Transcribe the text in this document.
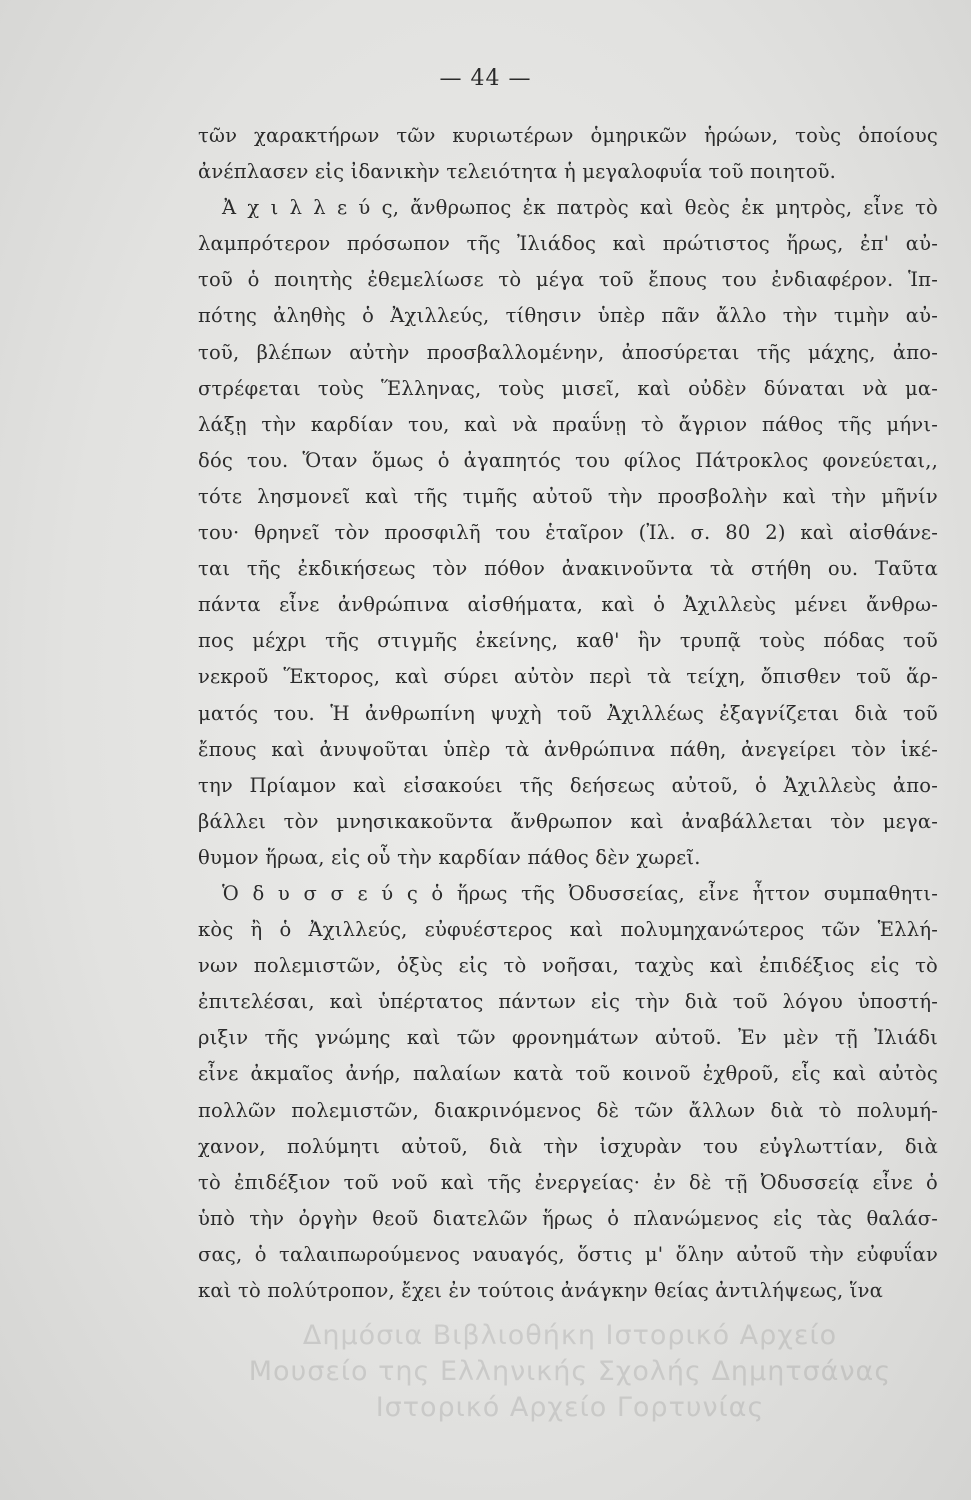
— 44 —
τῶν χαρακτήρων τῶν κυριωτέρων ὁμηρικῶν ἡρώων, τοὺς ὁποίους
ἀνέπλασεν εἰς ἰδανικὴν τελειότητα ἡ μεγαλοφυΐα τοῦ ποιητοῦ.
Ἀ χ ι λ λ ε ύ ς, ἄνθρωπος ἐκ πατρὸς καὶ θεὸς ἐκ μητρὸς, εἶνε τὸ
λαμπρότερον πρόσωπον τῆς Ἰλιάδος καὶ πρώτιστος ἥρως, ἐπ' αὐ-
τοῦ ὁ ποιητὴς ἐθεμελίωσε τὸ μέγα τοῦ ἔπους του ἐνδιαφέρον. Ἱπ-
πότης ἀληθὴς ὁ Ἀχιλλεύς, τίθησιν ὑπὲρ πᾶν ἄλλο τὴν τιμὴν αὐ-
τοῦ, βλέπων αὐτὴν προσβαλλομένην, ἀποσύρεται τῆς μάχης, ἀπο-
στρέφεται τοὺς Ἕλληνας, τοὺς μισεῖ, καὶ οὐδὲν δύναται νὰ μα-
λάξῃ τὴν καρδίαν του, καὶ νὰ πραΰνῃ τὸ ἄγριον πάθος τῆς μήνι-
δός του. Ὅταν ὅμως ὁ ἀγαπητός του φίλος Πάτροκλος φονεύεται,,
τότε λησμονεῖ καὶ τῆς τιμῆς αὐτοῦ τὴν προσβολὴν καὶ τὴν μῆνίν
του· θρηνεῖ τὸν προσφιλῆ του ἑταῖρον (Ἰλ. σ. 80 2) καὶ αἰσθάνε-
ται τῆς ἐκδικήσεως τὸν πόθον ἀνακινοῦντα τὰ στήθη ου. Ταῦτα
πάντα εἶνε ἀνθρώπινα αἰσθήματα, καὶ ὁ Ἀχιλλεὺς μένει ἄνθρω-
πος μέχρι τῆς στιγμῆς ἐκείνης, καθ' ἣν τρυπᾷ τοὺς πόδας τοῦ
νεκροῦ Ἕκτορος, καὶ σύρει αὐτὸν περὶ τὰ τείχη, ὄπισθεν τοῦ ἅρ-
ματός του. Ἡ ἀνθρωπίνη ψυχὴ τοῦ Ἀχιλλέως ἐξαγνίζεται διὰ τοῦ
ἔπους καὶ ἀνυψοῦται ὑπὲρ τὰ ἀνθρώπινα πάθη, ἀνεγείρει τὸν ἱκέ-
την Πρίαμον καὶ εἰσακούει τῆς δεήσεως αὐτοῦ, ὁ Ἀχιλλεὺς ἀπο-
βάλλει τὸν μνησικακοῦντα ἄνθρωπον καὶ ἀναβάλλεται τὸν μεγα-
θυμον ἥρωα, εἰς οὗ τὴν καρδίαν πάθος δὲν χωρεῖ.
Ὁ δ υ σ σ ε ύ ς ὁ ἥρως τῆς Ὀδυσσείας, εἶνε ἧττον συμπαθητι-
κὸς ἢ ὁ Ἀχιλλεύς, εὐφυέστερος καὶ πολυμηχανώτερος τῶν Ἑλλή-
νων πολεμιστῶν, ὀξὺς εἰς τὸ νοῆσαι, ταχὺς καὶ ἐπιδέξιος εἰς τὸ
ἐπιτελέσαι, καὶ ὑπέρτατος πάντων εἰς τὴν διὰ τοῦ λόγου ὑποστή-
ριξιν τῆς γνώμης καὶ τῶν φρονημάτων αὐτοῦ. Ἐν μὲν τῇ Ἰλιάδι
εἶνε ἀκμαῖος ἀνήρ, παλαίων κατὰ τοῦ κοινοῦ ἐχθροῦ, εἷς καὶ αὐτὸς
πολλῶν πολεμιστῶν, διακρινόμενος δὲ τῶν ἄλλων διὰ τὸ πολυμή-
χανον, πολύμητι αὐτοῦ, διὰ τὴν ἰσχυρὰν του εὐγλωττίαν, διὰ
τὸ ἐπιδέξιον τοῦ νοῦ καὶ τῆς ἐνεργείας· ἐν δὲ τῇ Ὀδυσσείᾳ εἶνε ὁ
ὑπὸ τὴν ὀργὴν θεοῦ διατελῶν ἥρως ὁ πλανώμενος εἰς τὰς θαλάσ-
σας, ὁ ταλαιπωρούμενος ναυαγός, ὅστις μ' ὅλην αὐτοῦ τὴν εὐφυΐαν
καὶ τὸ πολύτροπον, ἔχει ἐν τούτοις ἀνάγκην θείας ἀντιλήψεως, ἵνα
Δημόσια Βιβλιοθήκη Ιστορικό Αρχείο
Μουσείο της Ελληνικής Σχολής Δημητσάνας
Ιστορικό Αρχείο Γορτυνίας
